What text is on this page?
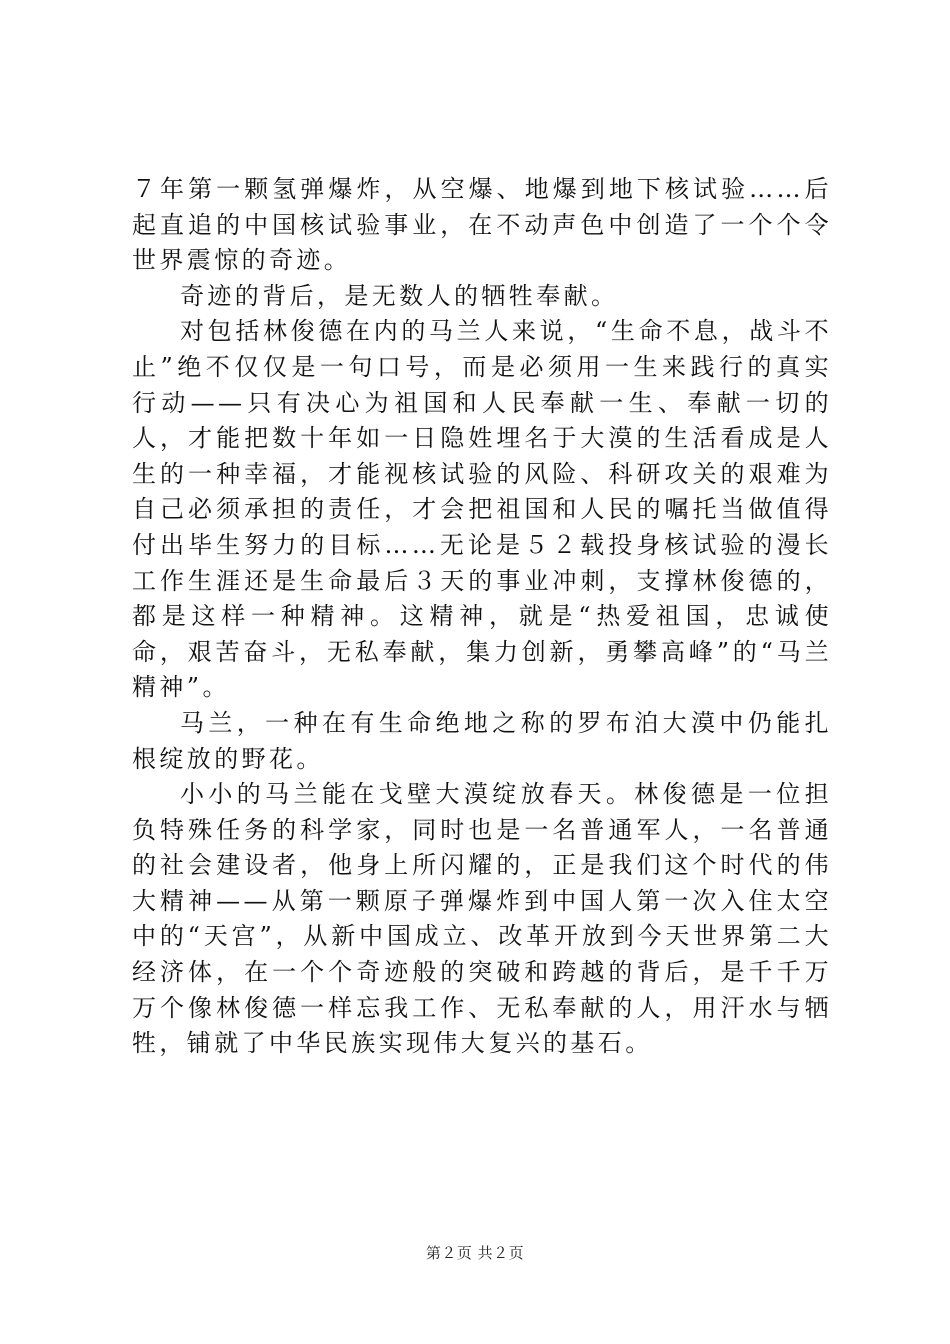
７年第一颗氢弹爆炸，从空爆、地爆到地下核试验……后起直追的中国核试验事业，在不动声色中创造了一个个令世界震惊的奇迹。

奇迹的背后，是无数人的牺牲奉献。

对包括林俊德在内的马兰人来说，“生命不息，战斗不止”绝不仅仅是一句口号，而是必须用一生来践行的真实行动——只有决心为祖国和人民奉献一生、奉献一切的人，才能把数十年如一日隐姓埋名于大漠的生活看成是人生的一种幸福，才能视核试验的风险、科研攻关的艰难为自己必须承担的责任，才会把祖国和人民的嘱托当做值得付出毕生努力的目标……无论是５２载投身核试验的漫长工作生涯还是生命最后３天的事业冲刺，支撑林俊德的，都是这样一种精神。这精神，就是“热爱祖国，忠诚使命，艰苦奋斗，无私奉献，集力创新，勇攀高峰”的“马兰精神”。

马兰，一种在有生命绝地之称的罗布泊大漠中仍能扎根绽放的野花。

小小的马兰能在戈壁大漠绽放春天。林俊德是一位担负特殊任务的科学家，同时也是一名普通军人，一名普通的社会建设者，他身上所闪耀的，正是我们这个时代的伟大精神——从第一颗原子弹爆炸到中国人第一次入住太空中的“天宫”，从新中国成立、改革开放到今天世界第二大经济体，在一个个奇迹般的突破和跨越的背后，是千千万万个像林俊德一样忘我工作、无私奉献的人，用汗水与牺牲，铺就了中华民族实现伟大复兴的基石。

第２页 共２页
